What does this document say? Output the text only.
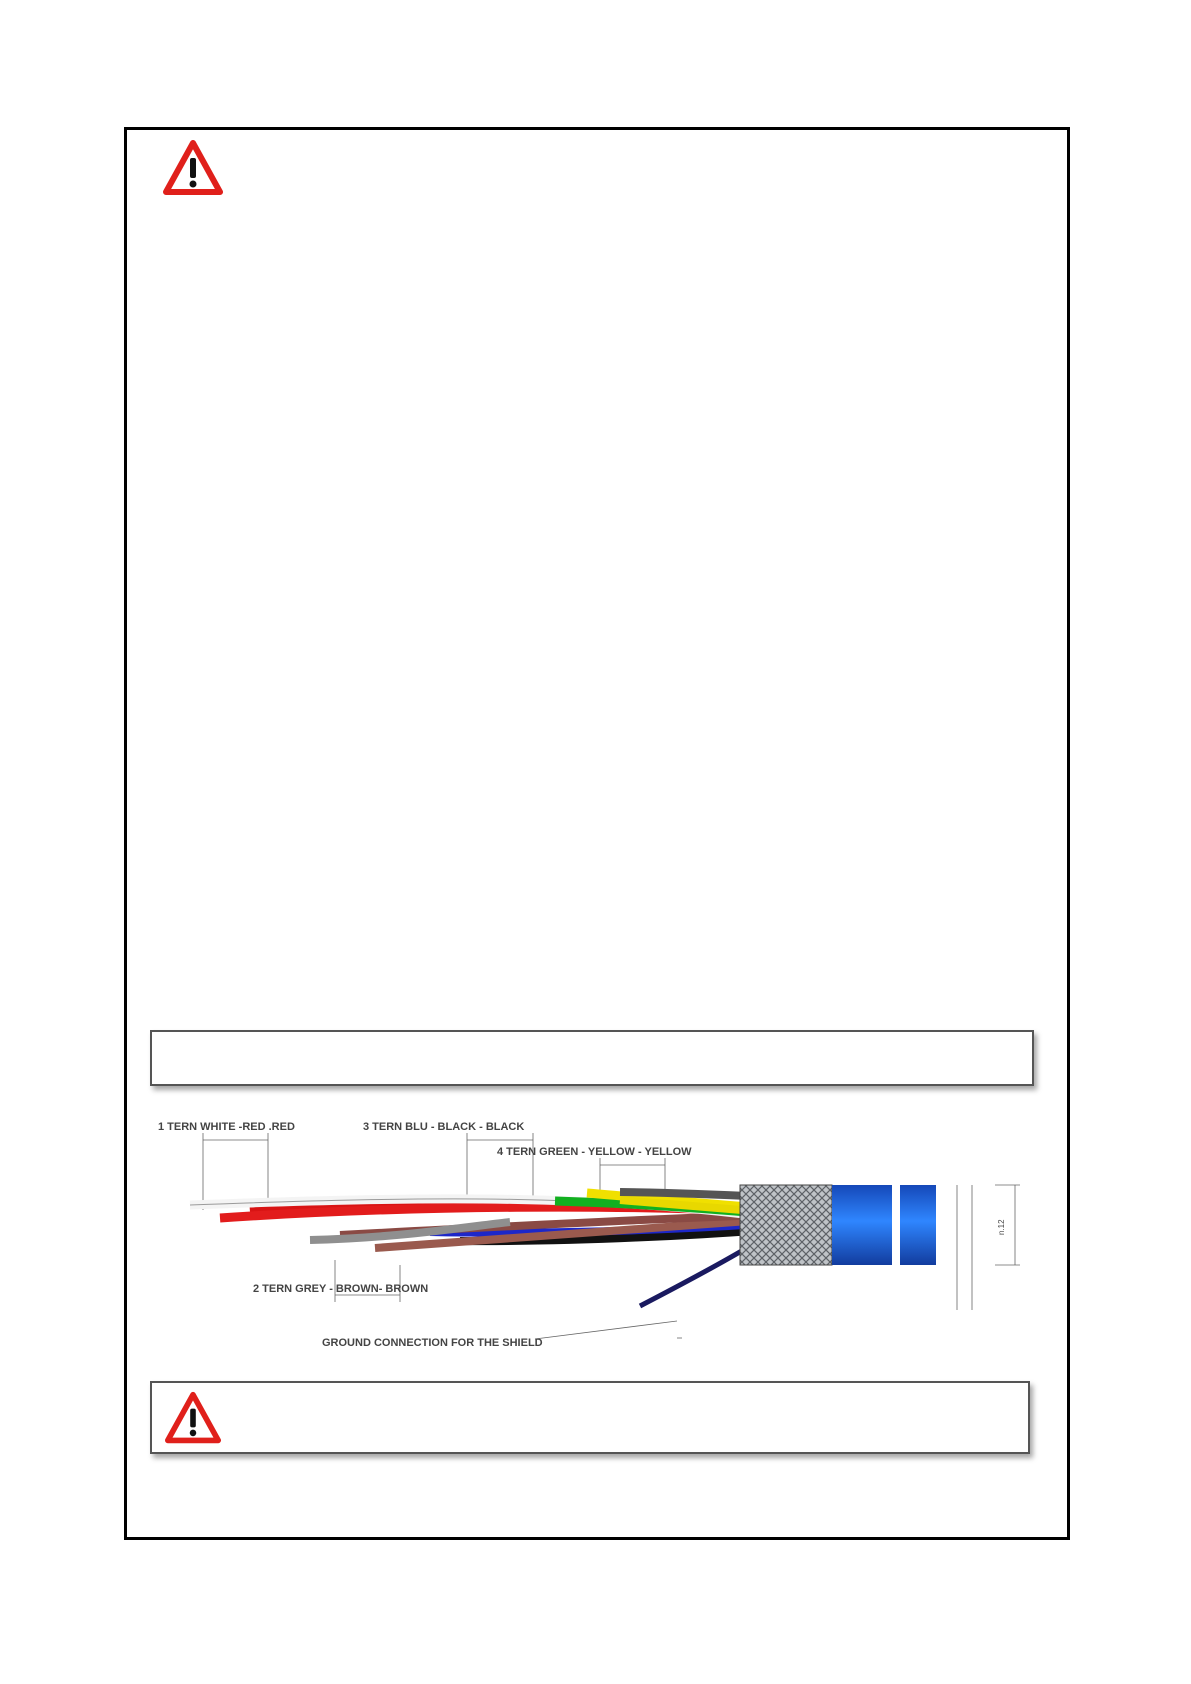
1 TERN WHITE -RED .RED	3 TERN BLU - BLACK - BLACK
4 TERN GREEN - YELLOW - YELLOW
2 TERN GREY - BROWN- BROWN
GROUND CONNECTION FOR THE SHIELD
n.12
